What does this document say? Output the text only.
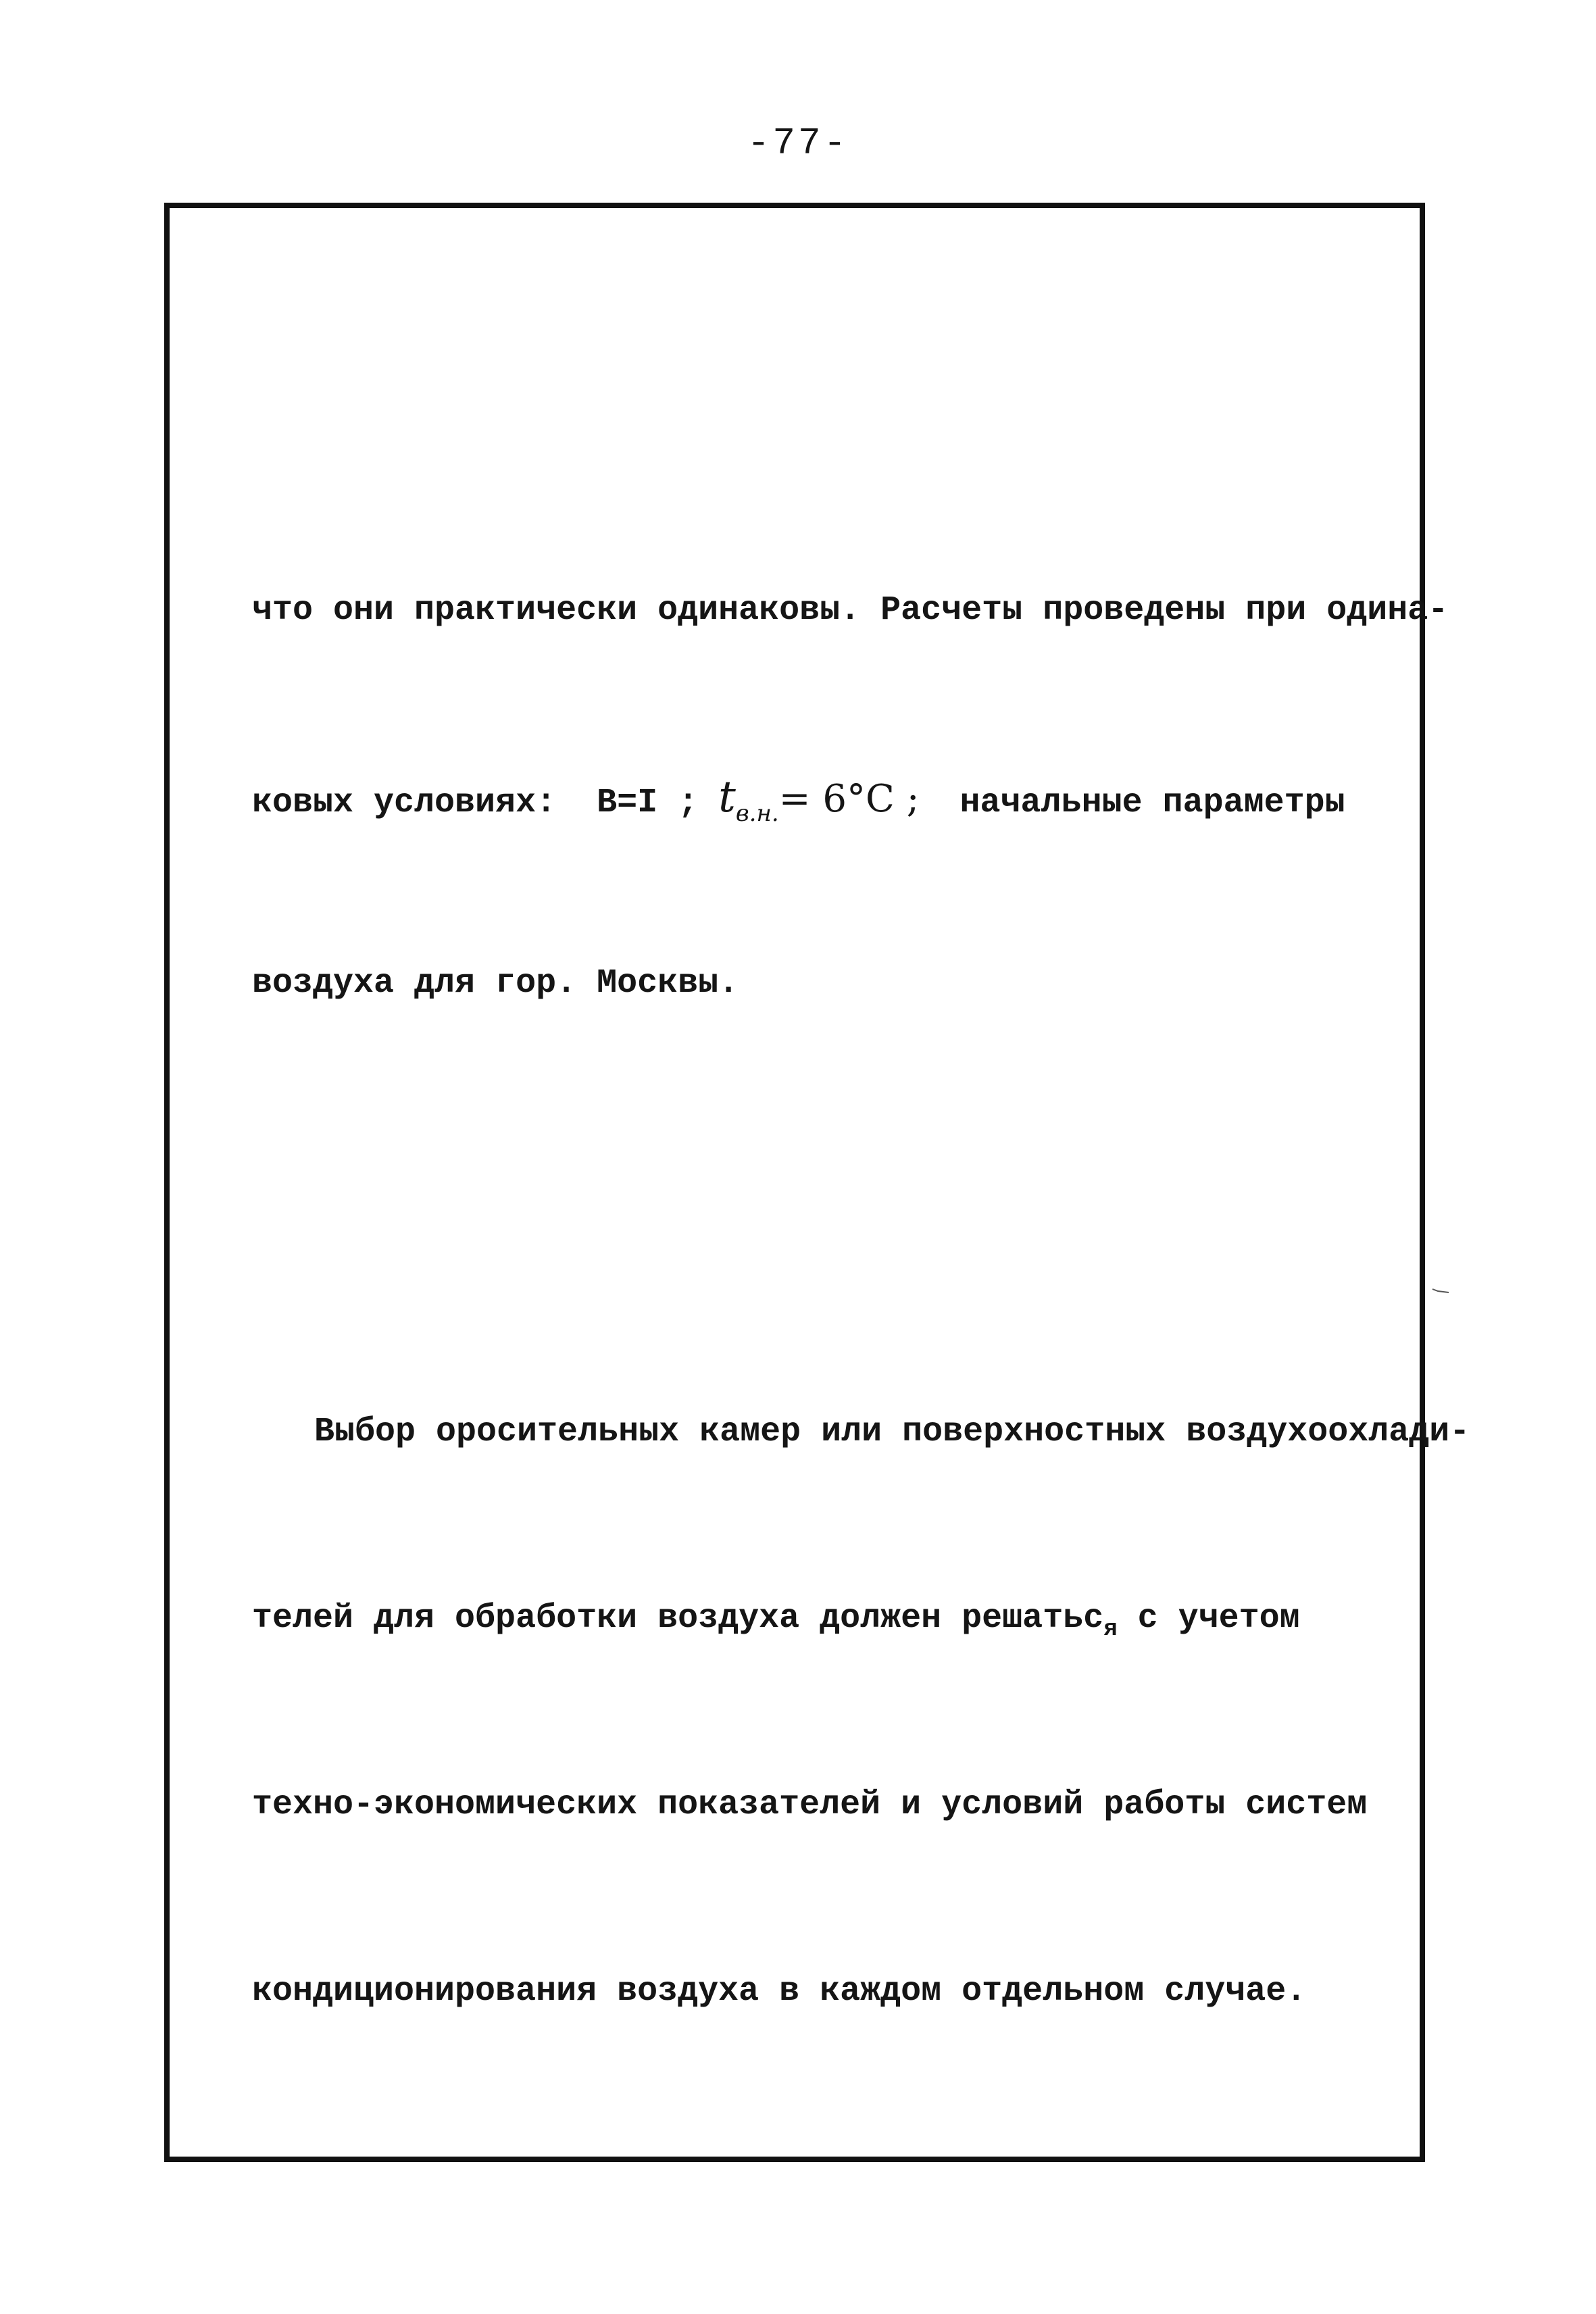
-77-

что они практически одинаковы. Расчеты проведены при одина-

ковых условиях:  B=I ; $t_{в.н.}= 6^\circ C$ ;  начальные параметры

воздуха для гор. Москвы.

Выбор оросительных камер или поверхностных воздухоохлади-

телей для обработки воздуха должен решатьс$_я$ с учетом

техно-экономических показателей и условий работы систем

кондиционирования воздуха в каждом отдельном случае.
